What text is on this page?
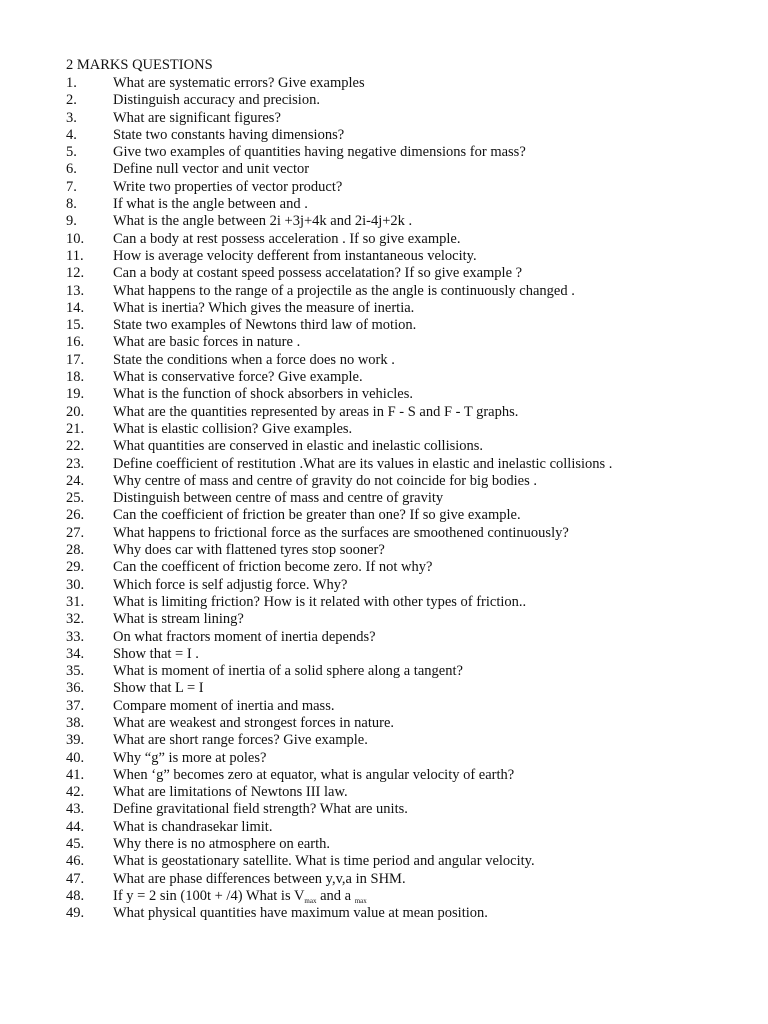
2 MARKS QUESTIONS
1.	What are systematic errors? Give examples
2.	Distinguish accuracy and precision.
3.	What are significant figures?
4.	State two constants having dimensions?
5.	Give two examples of quantities having negative dimensions for mass?
6.	Define null vector and unit vector
7.	Write two properties of vector product?
8.	If what is the angle between and .
9.	What is the angle between 2i +3j+4k and 2i-4j+2k .
10.	Can a body at rest possess acceleration . If so give example.
11.	How is average velocity defferent from instantaneous velocity.
12.	Can a body at costant speed possess accelatation? If so give example ?
13.	What happens to the range of a projectile as the angle is continuously changed .
14.	What is inertia? Which gives the measure of inertia.
15.	State two examples of Newtons third law of motion.
16.	What are basic forces in nature .
17.	State the conditions when a force does no work .
18.	What is conservative force? Give example.
19.	What is the function of shock absorbers in vehicles.
20.	What are the quantities represented by areas in F - S and F - T graphs.
21.	What is elastic collision? Give examples.
22.	What quantities are conserved in elastic and inelastic collisions.
23.	Define coefficient of restitution .What are its values in elastic and inelastic collisions .
24.	Why centre of mass and centre of gravity do not coincide for big bodies .
25.	Distinguish between centre of mass and centre of gravity
26.	Can the coefficient of friction be greater than one? If so give example.
27.	What happens to frictional force as the surfaces are smoothened continuously?
28.	Why does car with flattened tyres stop sooner?
29.	Can the coefficent of friction become zero. If not why?
30.	Which force is self adjustig force. Why?
31.	What is limiting friction? How is it related with other types of friction..
32.	What is stream lining?
33.	On what fractors moment of inertia depends?
34.	Show that = I .
35.	What is moment of inertia of a solid sphere along a tangent?
36.	Show that L = I
37.	Compare moment of inertia and mass.
38.	What are weakest and strongest forces in nature.
39.	What are short range forces? Give example.
40.	Why “g” is more at poles?
41.	When ‘g” becomes zero at equator, what is angular velocity of earth?
42.	What are limitations of Newtons III law.
43.	Define gravitational field strength? What are units.
44.	What is chandrasekar limit.
45.	Why there is no atmosphere on earth.
46.	What is geostationary satellite. What is time period and angular velocity.
47.	What are phase differences between y,v,a in SHM.
48.	If y = 2 sin (100t + /4) What is $V_{max}$ and a $_{max}$
49.	What physical quantities have maximum value at mean position.
